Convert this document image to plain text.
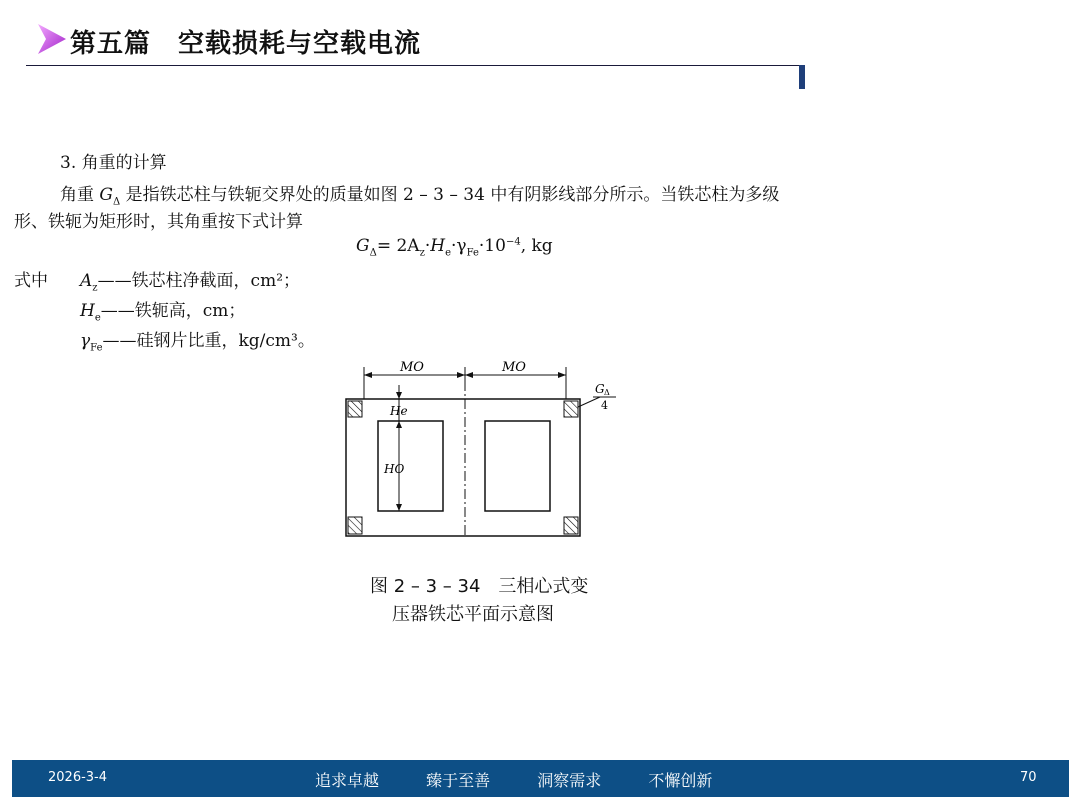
第五篇　空载损耗与空载电流
3. 角重的计算
角重 $G_\Delta$ 是指铁芯柱与铁轭交界处的质量如图 2 – 3 – 34 中有阴影线部分所示。当铁芯柱为多级
形、铁轭为矩形时，其角重按下式计算
$G_\Delta= 2A_z\cdot H_e\cdot\gamma_{Fe}\cdot 10^{-4}$, kg
式中 $A_z——$铁芯柱净截面，cm²；
$H_e——$铁轭高，cm；
$\gamma_{Fe}——$硅钢片比重，kg/cm³。
MO	MO
He
HO
G Δ
4
图 2 – 3 – 34　三相心式变
压器铁芯平面示意图
2026-3-4	追求卓越	臻于至善	洞察需求	不懈创新	70
